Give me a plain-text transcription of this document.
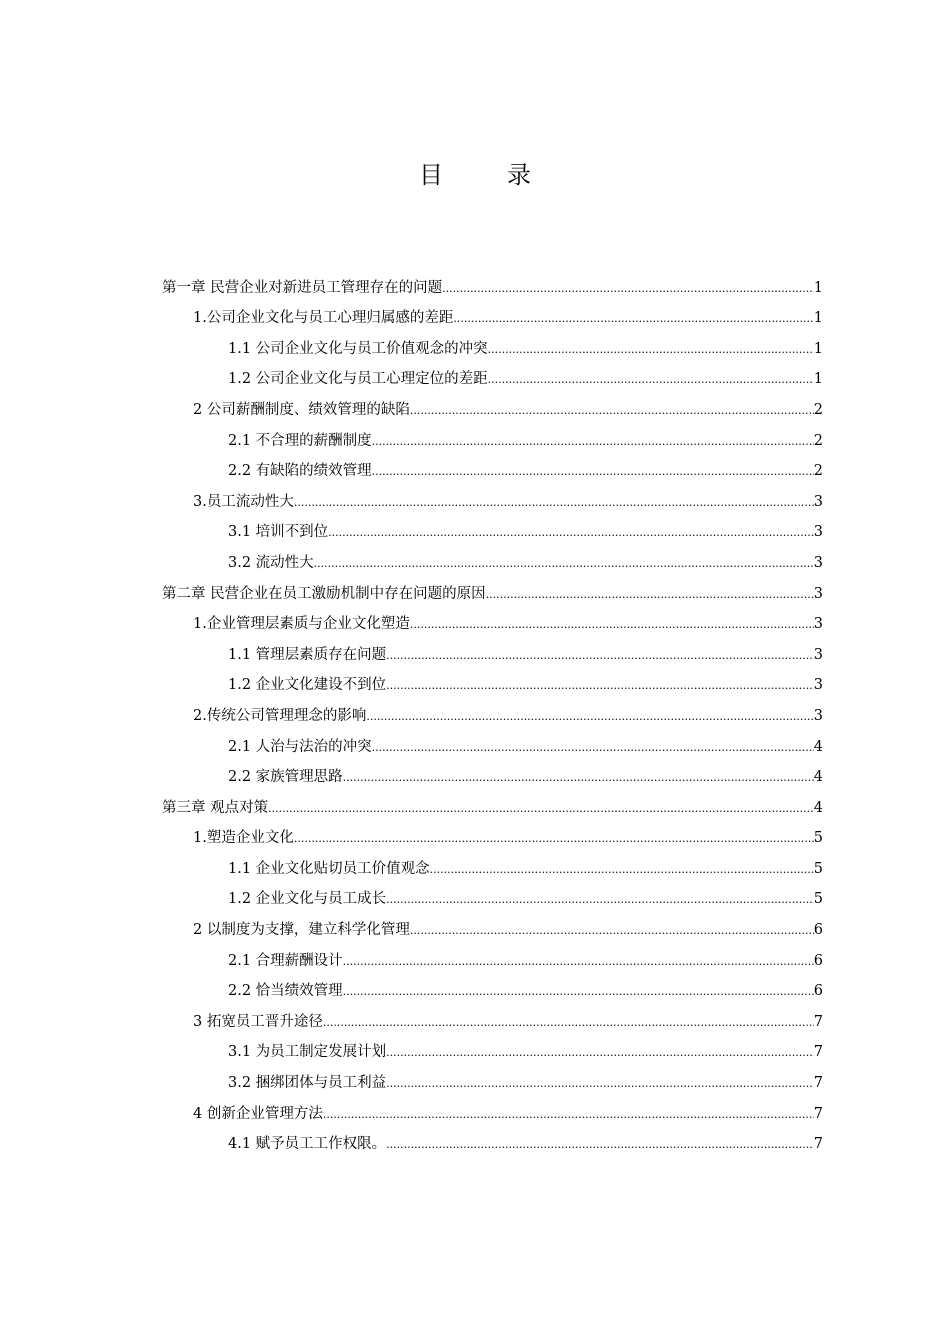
目　录
第一章 民营企业对新进员工管理存在的问题 .....	1
1.公司企业文化与员工心理归属感的差距 .....	1
1.1 公司企业文化与员工价值观念的冲突 .....	1
1.2 公司企业文化与员工心理定位的差距 .....	1
2 公司薪酬制度、绩效管理的缺陷 .....	2
2.1 不合理的薪酬制度 .....	2
2.2 有缺陷的绩效管理 .....	2
3.员工流动性大 .....	3
3.1 培训不到位 .....	3
3.2 流动性大 .....	3
第二章 民营企业在员工激励机制中存在问题的原因 .....	3
1.企业管理层素质与企业文化塑造 .....	3
1.1 管理层素质存在问题 .....	3
1.2 企业文化建设不到位 .....	3
2.传统公司管理理念的影响 .....	3
2.1 人治与法治的冲突 .....	4
2.2 家族管理思路 .....	4
第三章 观点对策 .....	4
1.塑造企业文化 .....	5
1.1 企业文化贴切员工价值观念 .....	5
1.2 企业文化与员工成长 .....	5
2 以制度为支撑，建立科学化管理 .....	6
2.1 合理薪酬设计 .....	6
2.2 恰当绩效管理 .....	6
3 拓宽员工晋升途径 .....	7
3.1 为员工制定发展计划 .....	7
3.2 捆绑团体与员工利益 .....	7
4 创新企业管理方法 .....	7
4.1 赋予员工工作权限。 .....	7
